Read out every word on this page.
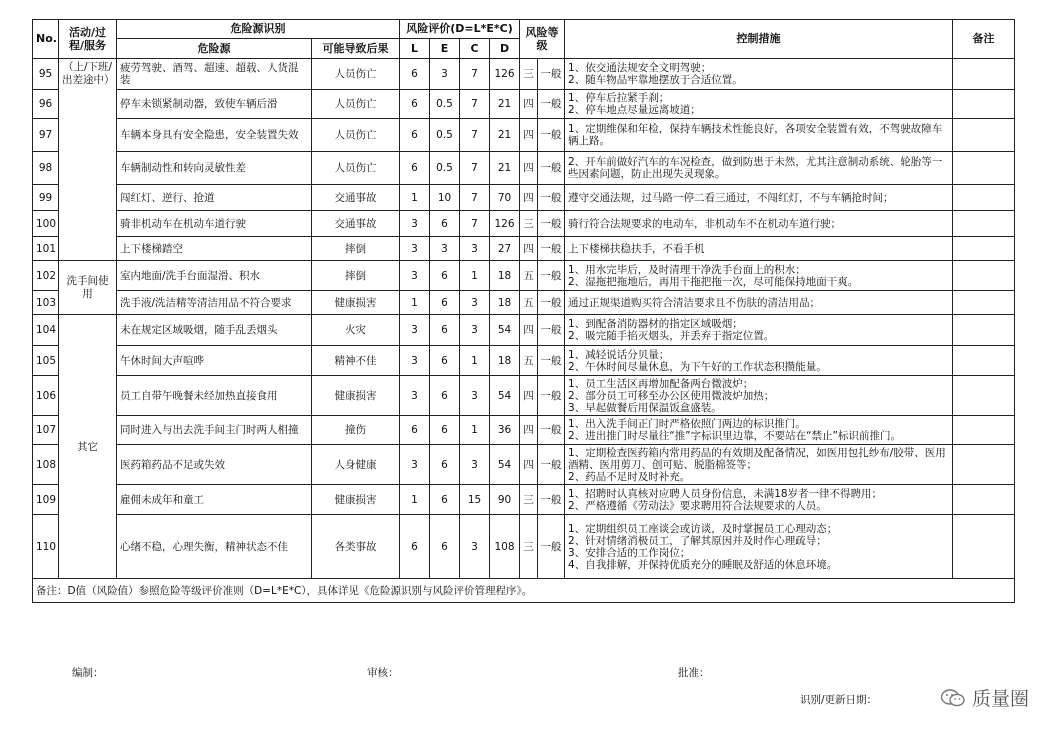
No.	活动/过程/服务	危险源识别		风险评价(D=L*E*C)				风险等级		控制措施	备注
		危险源	可能导致后果	L	E	C	D				
95	（上/下班/出差途中）	疲劳驾驶、酒驾、超速、超载、人货混装	人员伤亡	6	3	7	126	三	一般	1、依交通法规安全文明驾驶；
2、随车物品牢靠地摆放于合适位置。	

96		停车未锁紧制动器，致使车辆后滑	人员伤亡	6	0.5	7	21	四	一般	1、停车后拉紧手刹；
2、停车地点尽量远离坡道；	

97		车辆本身具有安全隐患，安全装置失效	人员伤亡	6	0.5	7	21	四	一般	1、定期维保和年检，保持车辆技术性能良好，各项安全装置有效，不驾驶故障车辆上路。	

98		车辆制动性和转向灵敏性差	人员伤亡	6	0.5	7	21	四	一般	2、开车前做好汽车的车况检查，做到防患于未然，尤其注意制动系统、轮胎等一些因素问题，防止出现失灵现象。	

99		闯红灯、逆行、抢道	交通事故	1	10	7	70	四	一般	遵守交通法规，过马路一停二看三通过，不闯红灯，不与车辆抢时间；	

100		骑非机动车在机动车道行驶	交通事故	3	6	7	126	三	一般	骑行符合法规要求的电动车，非机动车不在机动车道行驶；	

101		上下楼梯踏空	摔倒	3	3	3	27	四	一般	上下楼梯扶稳扶手，不看手机	

102	洗手间使用	室内地面/洗手台面湿滑、积水	摔倒	3	6	1	18	五	一般	1、用水完毕后，及时清理干净洗手台面上的积水；
2、湿拖把拖地后，再用干拖把拖一次，尽可能保持地面干爽。	

103		洗手液/洗洁精等清洁用品不符合要求	健康损害	1	6	3	18	五	一般	通过正规渠道购买符合清洁要求且不伤肤的清洁用品；	

104	其它	未在规定区域吸烟，随手乱丢烟头	火灾	3	6	3	54	四	一般	1、到配备消防器材的指定区域吸烟；
2、吸完随手掐灭烟头，并丢弃于指定位置。	

105		午休时间大声喧哗	精神不佳	3	6	1	18	五	一般	1、减轻说话分贝量；
2、午休时间尽量休息，为下午好的工作状态积攒能量。	

106		员工自带午晚餐未经加热直接食用	健康损害	3	6	3	54	四	一般	1、员工生活区再增加配备两台微波炉；
2、部分员工可移至办公区使用微波炉加热；
3、早起做餐后用保温饭盒盛装。	

107		同时进入与出去洗手间主门时两人相撞	撞伤	6	6	1	36	四	一般	1、出入洗手间正门时严格依照门两边的标识推门。
2、进出推门时尽量往“推”字标识里边靠，不要站在“禁止”标识前推门。	

108		医药箱药品不足或失效	人身健康	3	6	3	54	四	一般	1、定期检查医药箱内常用药品的有效期及配备情况，如医用包扎纱布/胶带、医用酒精、医用剪刀、创可贴、脱脂棉签等；
2、药品不足时及时补充。	

109		雇佣未成年和童工	健康损害	1	6	15	90	三	一般	1、招聘时认真核对应聘人员身份信息，未满18岁者一律不得聘用；
2、严格遵循《劳动法》要求聘用符合法规要求的人员。	

110		心绪不稳，心理失衡，精神状态不佳	各类事故	6	6	3	108	三	一般	1、定期组织员工座谈会或访谈，及时掌握员工心理动态；
2、针对情绪消极员工，了解其原因并及时作心理疏导；
3、安排合适的工作岗位；
4、自我排解，并保持优质充分的睡眠及舒适的休息环境。	

备注：D值（风险值）参照危险等级评价准则（D=L*E*C），具体详见《危险源识别与风险评价管理程序》。											
编制：	审核：	批准：
识别/更新日期：	质量圈
